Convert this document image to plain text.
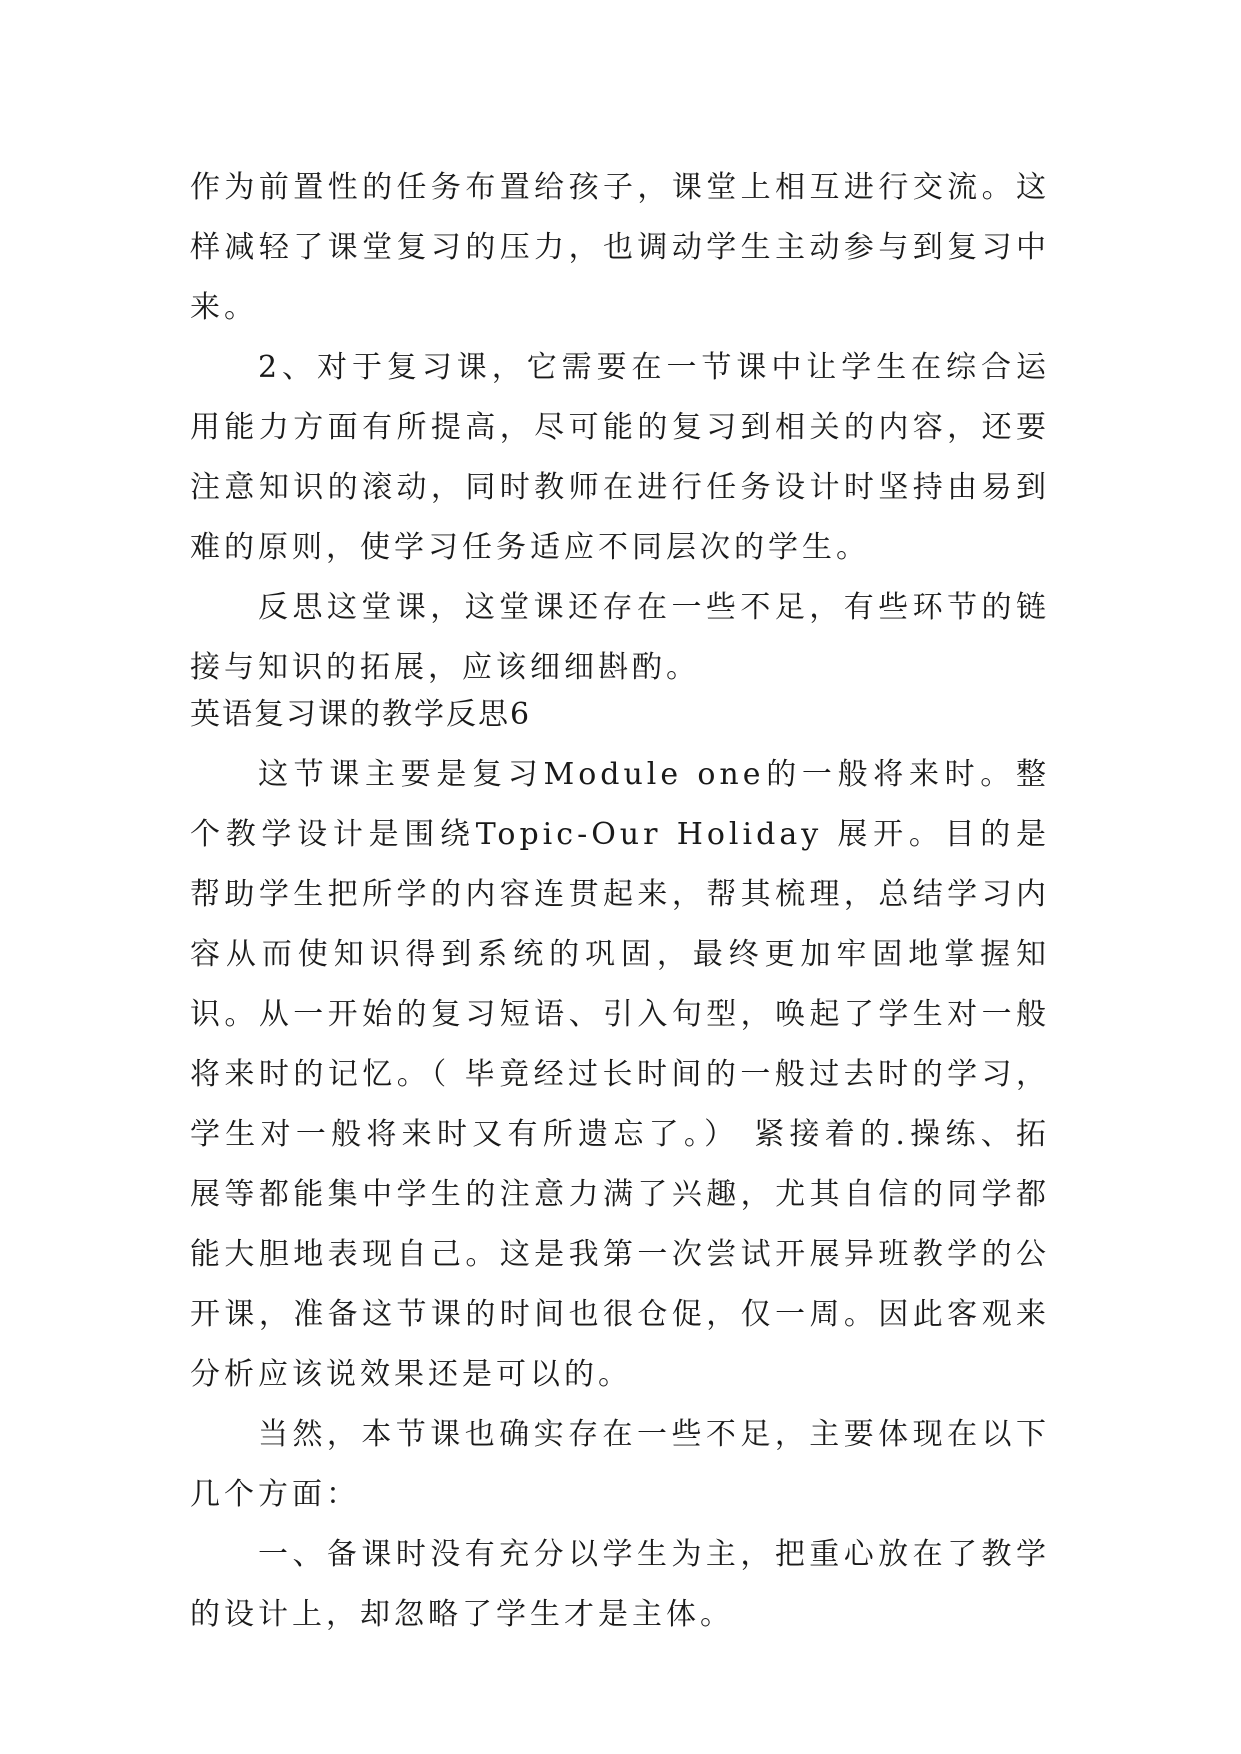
作为前置性的任务布置给孩子，课堂上相互进行交流。这样减轻了课堂复习的压力，也调动学生主动参与到复习中来。

2、对于复习课，它需要在一节课中让学生在综合运用能力方面有所提高，尽可能的复习到相关的内容，还要注意知识的滚动，同时教师在进行任务设计时坚持由易到难的原则，使学习任务适应不同层次的学生。

反思这堂课，这堂课还存在一些不足，有些环节的链接与知识的拓展，应该细细斟酌。

英语复习课的教学反思6

这节课主要是复习Module one的一般将来时。整个教学设计是围绕Topic-Our Holiday 展开。目的是帮助学生把所学的内容连贯起来，帮其梳理，总结学习内容从而使知识得到系统的巩固，最终更加牢固地掌握知识。从一开始的复习短语、引入句型，唤起了学生对一般将来时的记忆。（ 毕竟经过长时间的一般过去时的学习，学生对一般将来时又有所遗忘了。） 紧接着的.操练、拓展等都能集中学生的注意力满了兴趣，尤其自信的同学都能大胆地表现自己。这是我第一次尝试开展异班教学的公开课，准备这节课的时间也很仓促，仅一周。因此客观来分析应该说效果还是可以的。

当然，本节课也确实存在一些不足，主要体现在以下几个方面：

一、备课时没有充分以学生为主，把重心放在了教学的设计上，却忽略了学生才是主体。
